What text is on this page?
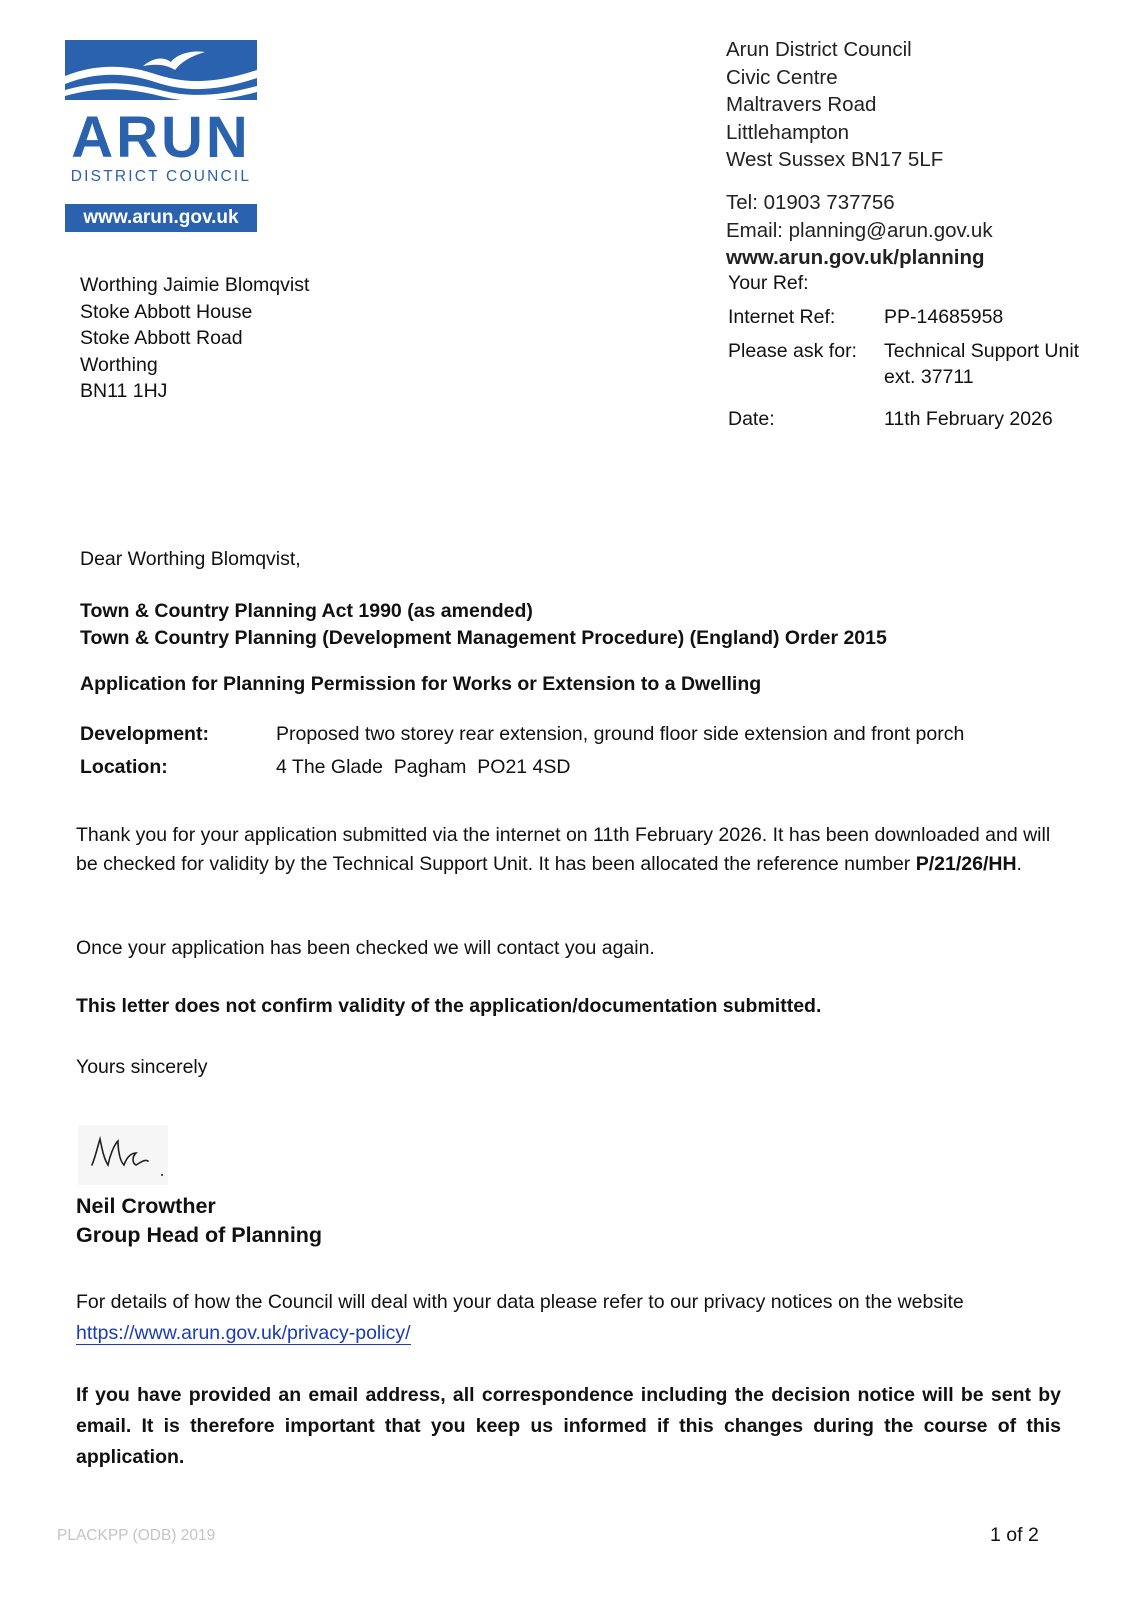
ARUN
DISTRICT COUNCIL
www.arun.gov.uk
Arun District Council
Civic Centre
Maltravers Road
Littlehampton
West Sussex BN17 5LF
Tel: 01903 737756
Email: planning@arun.gov.uk
www.arun.gov.uk/planning
Worthing Jaimie Blomqvist
Stoke Abbott House
Stoke Abbott Road
Worthing
BN11 1HJ
Your Ref:
Internet Ref: PP-14685958
Please ask for: Technical Support Unit
ext. 37711
Date:	11th February 2026
Dear Worthing Blomqvist,
Town & Country Planning Act 1990 (as amended)
Town & Country Planning (Development Management Procedure) (England) Order 2015
Application for Planning Permission for Works or Extension to a Dwelling
Development:	Proposed two storey rear extension, ground floor side extension and front porch
Location:	4 The Glade  Pagham  PO21 4SD
Thank you for your application submitted via the internet on 11th February 2026. It has been downloaded and will be checked for validity by the Technical Support Unit. It has been allocated the reference number P/21/26/HH.
Once your application has been checked we will contact you again.
This letter does not confirm validity of the application/documentation submitted.
Yours sincerely
Neil Crowther
Group Head of Planning
For details of how the Council will deal with your data please refer to our privacy notices on the website https://www.arun.gov.uk/privacy-policy/
If you have provided an email address, all correspondence including the decision notice will be sent by email. It is therefore important that you keep us informed if this changes during the course of this application.
PLACKPP (ODB) 2019	1 of 2
